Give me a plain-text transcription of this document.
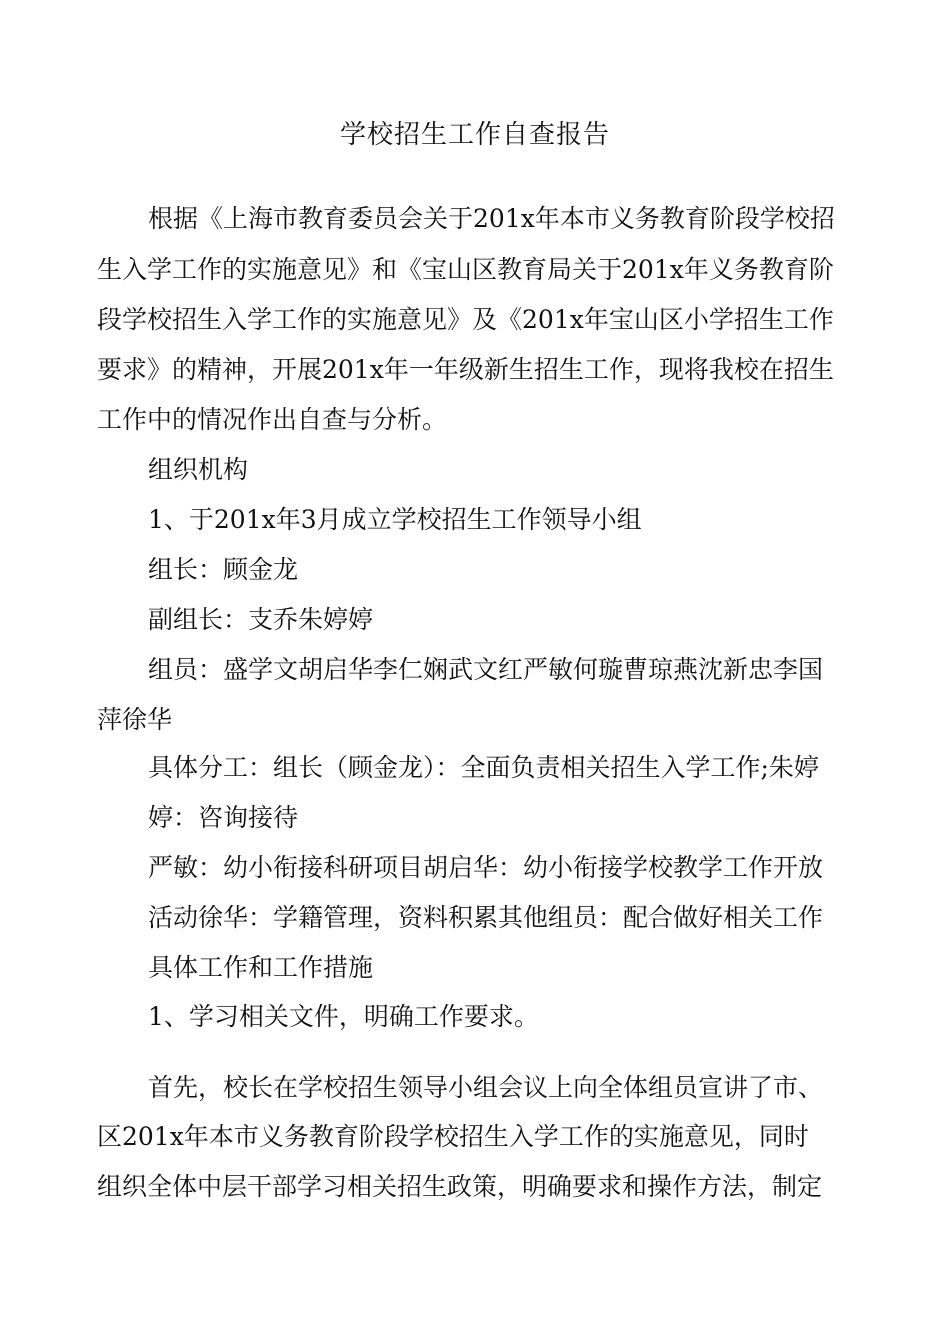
学校招生工作自查报告
根据《上海市教育委员会关于201x年本市义务教育阶段学校招
生入学工作的实施意见》和《宝山区教育局关于201x年义务教育阶
段学校招生入学工作的实施意见》及《201x年宝山区小学招生工作
要求》的精神，开展201x年一年级新生招生工作，现将我校在招生
工作中的情况作出自查与分析。
组织机构
1、于201x年3月成立学校招生工作领导小组
组长：顾金龙
副组长：支乔朱婷婷
组员：盛学文胡启华李仁娴武文红严敏何璇曹琼燕沈新忠李国
萍徐华
具体分工：组长（顾金龙）：全面负责相关招生入学工作;朱婷
婷：咨询接待
严敏：幼小衔接科研项目胡启华：幼小衔接学校教学工作开放
活动徐华：学籍管理，资料积累其他组员：配合做好相关工作
具体工作和工作措施
1、学习相关文件，明确工作要求。
首先，校长在学校招生领导小组会议上向全体组员宣讲了市、
区201x年本市义务教育阶段学校招生入学工作的实施意见，同时
组织全体中层干部学习相关招生政策，明确要求和操作方法，制定
